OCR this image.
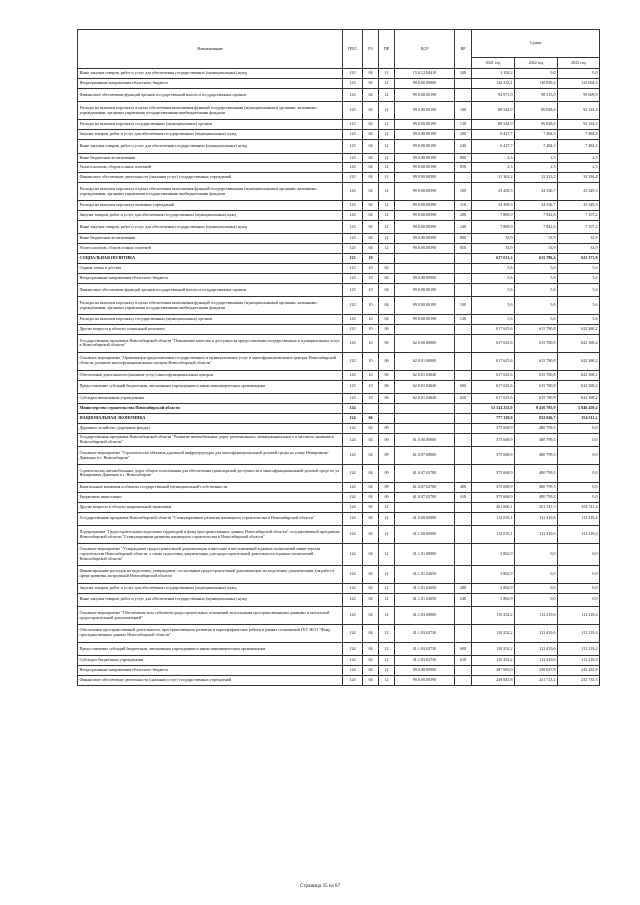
Наименование	ГРБС	РЗ	ПР	ЦСР	ВР	Сумма		
						2021 год	2022 год	2023 год
Иные закупки товаров, работ и услуг для обеспечения государственных (муниципальных) нужд	123	04	12	15.0.12.04410	240	1 192,2	0,0	0,0
Непрограммные направления областного бюджета	123	04	12	99.0.00.00000		126 333,1	130 828,2	132 004,3
Финансовое обеспечение функций органов государственной власти и государственных органов	123	04	12	99.0.00.00190		94 971,9	98 315,0	99 609,9
Расходы на выплаты персоналу в целях обеспечения выполнения функций государственными (муниципальными) органами, казенными учреждениями, органами управления государственными внебюджетными фондами	123	04	12	99.0.00.00190	100	88 544,9	90 828,4	92 124,3
Расходы на выплаты персоналу государственных (муниципальных) органов	123	04	12	99.0.00.00190	120	88 544,9	90 828,4	92 124,3
Закупка товаров, работ и услуг для обеспечения государственных (муниципальных) нужд	123	04	12	99.0.00.00190	200	6 427,7	7 484,3	7 484,3
Иные закупки товаров, работ и услуг для обеспечения государственных (муниципальных) нужд	123	04	12	99.0.00.00190	240	6 427,7	7 484,3	7 484,3
Иные бюджетные ассигнования	123	04	12	99.0.00.00190	800	2,3	2,3	2,3
Уплата налогов, сборов и иных платежей	123	04	12	99.0.00.00190	850	2,3	2,3	2,3
Финансовое обеспечение деятельности (оказания услуг) государственных учреждений	123	04	12	99.0.00.00590		31 361,2	32 213,2	32 394,4
Расходы на выплаты персоналу в целях обеспечения выполнения функций государственными (муниципальными) органами, казенными учреждениями, органами управления государственными внебюджетными фондами	123	04	12	99.0.00.00590	100	23 458,3	24 336,7	25 249,3
Расходы на выплаты персоналу казенных учреждений	123	04	12	99.0.00.00590	110	23 458,3	24 336,7	25 249,3
Закупка товаров, работ и услуг для обеспечения государственных (муниципальных) нужд	123	04	12	99.0.00.00590	200	7 869,0	7 842,6	7 107,2
Иные закупки товаров, работ и услуг для обеспечения государственных (муниципальных) нужд	123	04	12	99.0.00.00590	240	7 869,0	7 842,6	7 107,2
Иные бюджетные ассигнования	123	04	12	99.0.00.00590	800	33,9	33,9	33,9
Уплата налогов, сборов и иных платежей	123	04	12	99.0.00.00590	850	33,9	33,9	33,9
СОЦИАЛЬНАЯ ПОЛИТИКА	123	10				617 631,2	615 786,4	622 373,8
Охрана семьи и детства	123	10	04			5,6	5,6	5,6
Непрограммные направления областного бюджета	123	10	04	99.0.00.00000		5,6	5,6	5,6
Финансовое обеспечение функций органов государственной власти и государственных органов	123	10	04	99.0.00.00190		5,6	5,6	5,6
Расходы на выплаты персоналу в целях обеспечения выполнения функций государственными (муниципальными) органами, казенными учреждениями, органами управления государственными внебюджетными фондами	123	10	04	99.0.00.00190	100	5,6	5,6	5,6
Расходы на выплаты персоналу государственных (муниципальных) органов	123	10	04	99.0.00.00190	120	5,6	5,6	5,6
Другие вопросы в области социальной политики	123	10	06			617 625,6	615 780,8	622 368,2
Государственная программа Новосибирской области "Повышение качества и доступности предоставления государственных и муниципальных услуг в Новосибирской области"	123	10	06	62.0.00.00000		617 625,6	615 780,8	622 368,2
Основное мероприятие "Организация предоставления государственных и муниципальных услуг в многофункциональных центрах Новосибирской области, развитие многофункциональных центров Новосибирской области"	123	10	06	62.0.01.00000		617 625,6	615 780,8	622 368,2
Обеспечение деятельности (оказание услуг) многофункциональных центров	123	10	06	62.0.01.04640		617 625,6	615 780,8	622 368,2
Предоставление субсидий бюджетным, автономным учреждениям и иным некоммерческим организациям	123	10	06	62.0.01.04640	600	617 625,6	615 780,8	622 368,2
Субсидии автономным учреждениям	123	10	06	62.0.01.04640	620	617 625,6	615 780,8	622 368,2
Министерство строительства Новосибирской области	124					13 134 255,0	8 416 785,9	5 846 459,2
НАЦИОНАЛЬНАЯ ЭКОНОМИКА	124	04				777 329,0	832 046,7	354 511,2
Дорожное хозяйство (дорожные фонды)	124	04	09			375 668,9	480 799,3	0,0
Государственная программа Новосибирской области "Развитие автомобильных дорог регионального, межмуниципального и местного значения в Новосибирской области"	124	04	09	61.0.00.00000		375 668,9	480 799,3	0,0
Основное мероприятие "Строительство объектов дорожной инфраструктуры для многофункциональной деловой среды на улице Немировича-Данченко в г. Новосибирске"	124	04	09	61.0.07.00000		375 668,9	480 799,3	0,0
Строительство автомобильных дорог общего пользования для обеспечения транспортной доступности к многофункциональной деловой среде по ул. Немировича-Данченко в г. Новосибирске	124	04	09	61.0.07.02780		375 668,9	480 799,3	0,0
Капитальные вложения в объекты государственной (муниципальной) собственности	124	04	09	61.0.07.02780	400	375 668,9	480 799,3	0,0
Бюджетные инвестиции	124	04	09	61.0.07.02780	410	375 668,9	480 799,3	0,0
Другие вопросы в области национальной экономики	124	04	12			401 660,1	351 247,5	354 511,2
Государственная программа Новосибирской области "Стимулирование развития жилищного строительства в Новосибирской области"	124	04	12	41.0.00.00000		114 055,1	112 419,6	112 218,4
Подпрограмма "Градостроительная подготовка территорий и фонд пространственных данных Новосибирской области" государственной программы Новосибирской области "Стимулирование развития жилищного строительства в Новосибирской области"	124	04	12	41.1.00.00000		114 055,1	112 419,6	112 218,4
Основное мероприятие "Утверждение градостроительной документации и внесение в нее изменений в рамках полномочий министерства строительства Новосибирской области, а также подготовка документации для градостроительной деятельности в рамках полномочий Новосибирской области"	124	04	12	41.1.01.00000		3 802,9	0,0	0,0
Финансирование расходов на подготовку, утверждение, согласование градостроительной документации, на подготовку документации для работ в сфере развития застроенной Новосибирской области	124	04	12	41.1.01.02650		3 802,9	0,0	0,0
Закупка товаров, работ и услуг для обеспечения государственных (муниципальных) нужд	124	04	12	41.1.01.02650	200	3 802,9	0,0	0,0
Иные закупки товаров, работ и услуг для обеспечения государственных (муниципальных) нужд	124	04	12	41.1.01.02650	240	3 802,9	0,0	0,0
Основное мероприятие "Обеспечение всех субъектов градостроительных отношений актуальными пространственными данными и актуальной градостроительной документацией"	124	04	12	41.1.03.00000		110 252,2	112 419,6	112 218,4
Обеспечение пространственной деятельности, пространственного развития и картографические работы в рамках полномочий ГБУ НСО "Фонд пространственных данных Новосибирской области"	124	04	12	41.1.03.02730		110 252,2	112 419,6	112 218,4
Предоставление субсидий бюджетным, автономным учреждениям и иным некоммерческим организациям	124	04	12	41.1.03.02730	600	110 252,2	112 419,6	112 218,4
Субсидии бюджетным учреждениям	124	04	12	41.1.03.02730	610	110 252,2	112 419,6	112 218,4
Непрограммные направления областного бюджета	124	04	12	99.0.00.00000		287 605,0	238 827,8	242 292,8
Финансовое обеспечение деятельности (оказания услуг) государственных учреждений	124	04	12	99.0.00.00590		249 845,8	231 723,2	232 735,5
Страница 35 из 87
